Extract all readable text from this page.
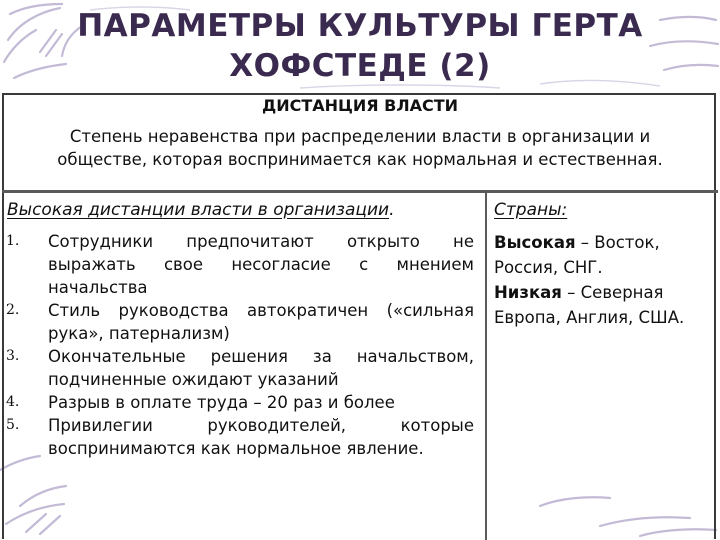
ПАРАМЕТРЫ КУЛЬТУРЫ ГЕРТА
ХОФСТЕДЕ (2)
ДИСТАНЦИЯ ВЛАСТИ
Степень неравенства при распределении власти в организации и
обществе, которая воспринимается как нормальная и естественная.
Высокая дистанции власти в организации.
1. Сотрудники предпочитают открыто не выражать свое несогласие с мнением начальства
2. Стиль руководства автократичен («сильная рука», патернализм)
3. Окончательные решения за начальством, подчиненные ожидают указаний
4. Разрыв в оплате труда – 20 раз и более
5. Привилегии руководителей, которые воспринимаются как нормальное явление.
Страны:
Высокая – Восток,
Россия, СНГ.
Низкая – Северная
Европа, Англия, США.
